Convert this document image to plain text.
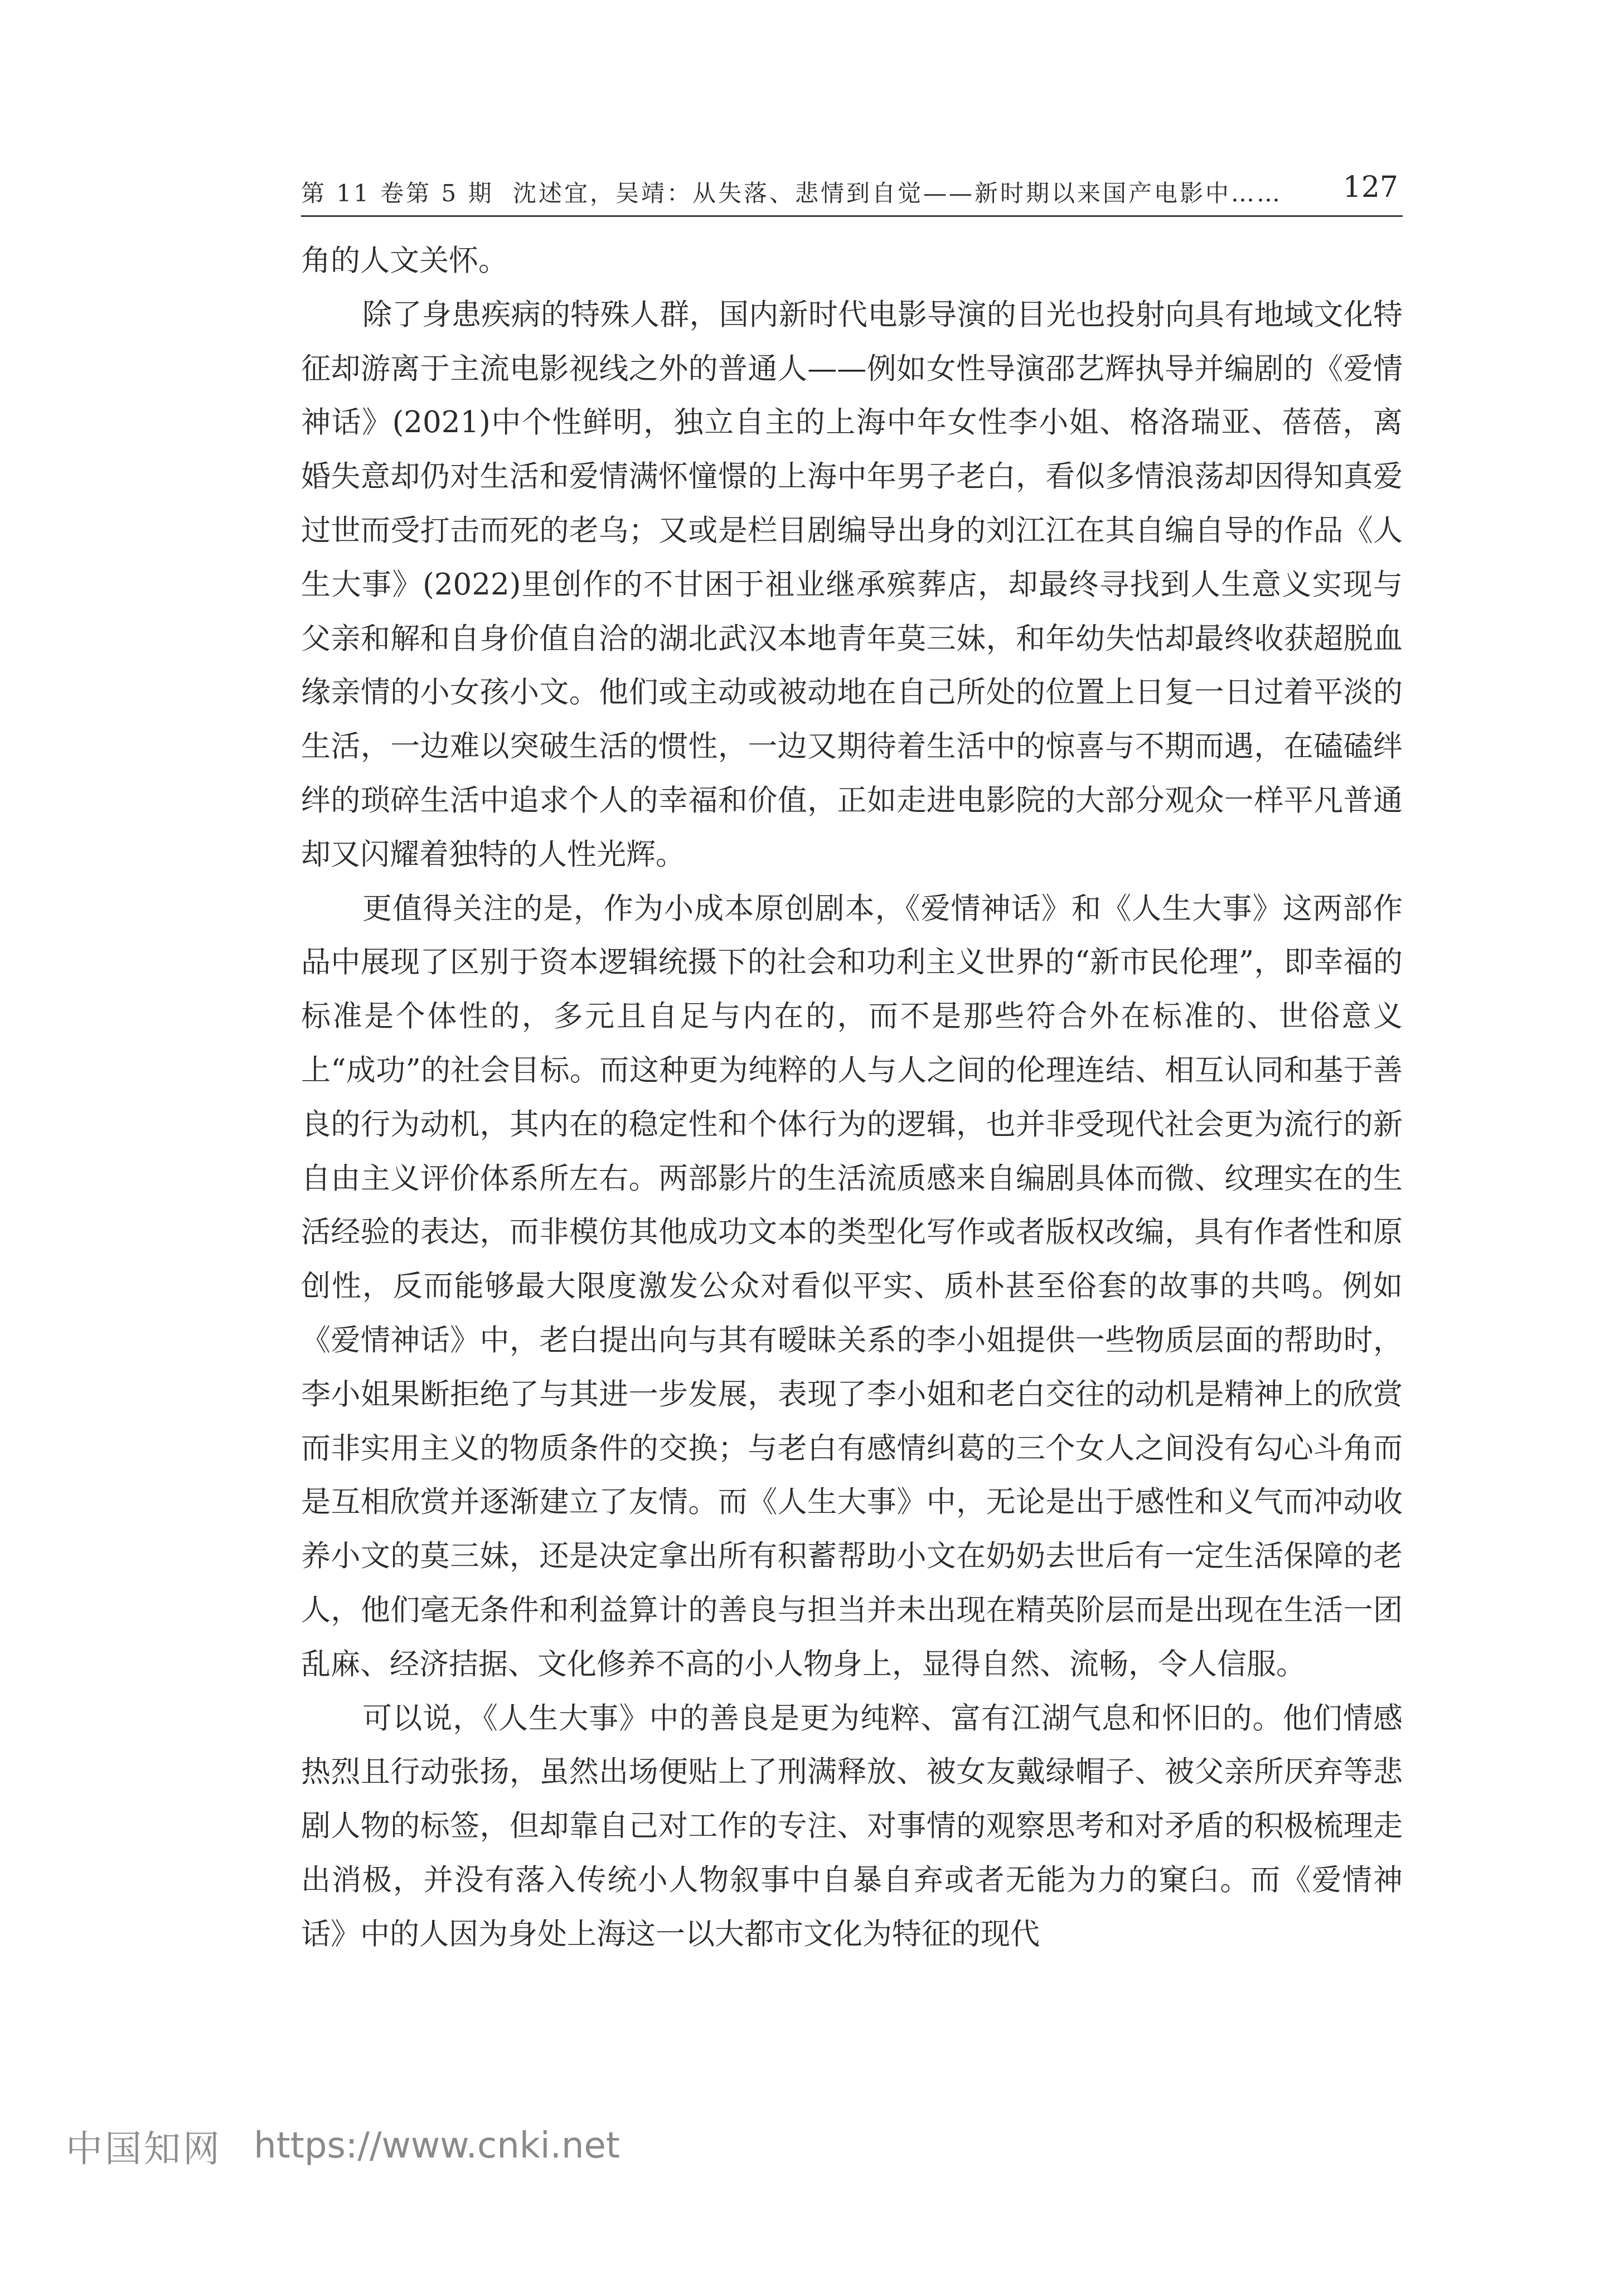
第 11 卷第 5 期 沈述宜，吴靖：从失落、悲情到自觉——新时期以来国产电影中…… 127

角的人文关怀。

除了身患疾病的特殊人群，国内新时代电影导演的目光也投射向具有地域文化特征却游离于主流电影视线之外的普通人——例如女性导演邵艺辉执导并编剧的《爱情神话》(2021)中个性鲜明，独立自主的上海中年女性李小姐、格洛瑞亚、蓓蓓，离婚失意却仍对生活和爱情满怀憧憬的上海中年男子老白，看似多情浪荡却因得知真爱过世而受打击而死的老乌；又或是栏目剧编导出身的刘江江在其自编自导的作品《人生大事》(2022)里创作的不甘困于祖业继承殡葬店，却最终寻找到人生意义实现与父亲和解和自身价值自洽的湖北武汉本地青年莫三妹，和年幼失怙却最终收获超脱血缘亲情的小女孩小文。他们或主动或被动地在自己所处的位置上日复一日过着平淡的生活，一边难以突破生活的惯性，一边又期待着生活中的惊喜与不期而遇，在磕磕绊绊的琐碎生活中追求个人的幸福和价值，正如走进电影院的大部分观众一样平凡普通却又闪耀着独特的人性光辉。

更值得关注的是，作为小成本原创剧本，《爱情神话》和《人生大事》这两部作品中展现了区别于资本逻辑统摄下的社会和功利主义世界的“新市民伦理”，即幸福的标准是个体性的，多元且自足与内在的，而不是那些符合外在标准的、世俗意义上“成功”的社会目标。而这种更为纯粹的人与人之间的伦理连结、相互认同和基于善良的行为动机，其内在的稳定性和个体行为的逻辑，也并非受现代社会更为流行的新自由主义评价体系所左右。两部影片的生活流质感来自编剧具体而微、纹理实在的生活经验的表达，而非模仿其他成功文本的类型化写作或者版权改编，具有作者性和原创性，反而能够最大限度激发公众对看似平实、质朴甚至俗套的故事的共鸣。例如《爱情神话》中，老白提出向与其有暧昧关系的李小姐提供一些物质层面的帮助时，李小姐果断拒绝了与其进一步发展，表现了李小姐和老白交往的动机是精神上的欣赏而非实用主义的物质条件的交换；与老白有感情纠葛的三个女人之间没有勾心斗角而是互相欣赏并逐渐建立了友情。而《人生大事》中，无论是出于感性和义气而冲动收养小文的莫三妹，还是决定拿出所有积蓄帮助小文在奶奶去世后有一定生活保障的老人，他们毫无条件和利益算计的善良与担当并未出现在精英阶层而是出现在生活一团乱麻、经济拮据、文化修养不高的小人物身上，显得自然、流畅，令人信服。

可以说，《人生大事》中的善良是更为纯粹、富有江湖气息和怀旧的。他们情感热烈且行动张扬，虽然出场便贴上了刑满释放、被女友戴绿帽子、被父亲所厌弃等悲剧人物的标签，但却靠自己对工作的专注、对事情的观察思考和对矛盾的积极梳理走出消极，并没有落入传统小人物叙事中自暴自弃或者无能为力的窠臼。而《爱情神话》中的人因为身处上海这一以大都市文化为特征的现代

中国知网 https://www.cnki.net
